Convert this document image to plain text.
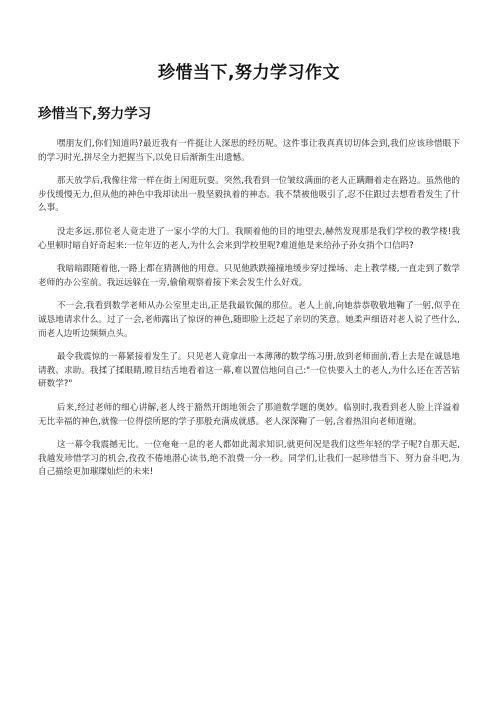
珍惜当下,努力学习作文
珍惜当下,努力学习

嘿朋友们,你们知道吗?最近我有一件挺让人深思的经历呢。这件事让我真真切切体会到,我们应该珍惜眼下的学习时光,拼尽全力把握当下,以免日后渐渐生出遗憾。

那天放学后,我像往常一样在街上闲逛玩耍。突然,我看到一位皱纹满面的老人正蹒跚着走在路边。虽然他的步伐缓慢无力,但从他的神色中我却读出一股坚毅执着的神态。我不禁被他吸引了,忍不住跟过去想看看发生了什么事。

没走多远,那位老人竟走进了一家小学的大门。我顺着他的目的地望去,赫然发现那是我们学校的教学楼!我心里顿时暗自好奇起来:一位年迈的老人,为什么会来到学校里呢?难道他是来给孙子孙女捎个口信吗?

我暗暗跟随着他,一路上都在猜测他的用意。只见他跌跌撞撞地缓步穿过操场、走上教学楼,一直走到了数学老师的办公室前。我远远躲在一旁,偷偷观察着接下来会发生什么好戏。

不一会,我看到数学老师从办公室里走出,正是我最钦佩的那位。老人上前,向她恭恭敬敬地鞠了一躬,似乎在诚恳地请求什么。过了一会,老师露出了惊讶的神色,随即脸上泛起了亲切的笑意。她柔声细语对老人说了些什么,而老人边听边频频点头。

最令我震惊的一幕紧接着发生了。只见老人竟拿出一本薄薄的数学练习册,放到老师面前,看上去是在诚恳地请教、求助。我揉了揉眼睛,瞠目结舌地看着这一幕,难以置信地问自己:"一位快要入土的老人,为什么还在苦苦钻研数学?"

后来,经过老师的细心讲解,老人终于豁然开朗地领会了那道数学题的奥妙。临别时,我看到老人脸上洋溢着无比幸福的神色,就像一位得偿所愿的学子那般充满成就感。老人深深鞠了一躬,含着热泪向老师道谢。

这一幕令我震撼无比。一位奄奄一息的老人都如此渴求知识,就更何况是我们这些年轻的学子呢?自那天起,我越发珍惜学习的机会,孜孜不倦地潜心读书,绝不浪费一分一秒。同学们,让我们一起珍惜当下、努力奋斗吧,为自己描绘更加璀璨灿烂的未来!
